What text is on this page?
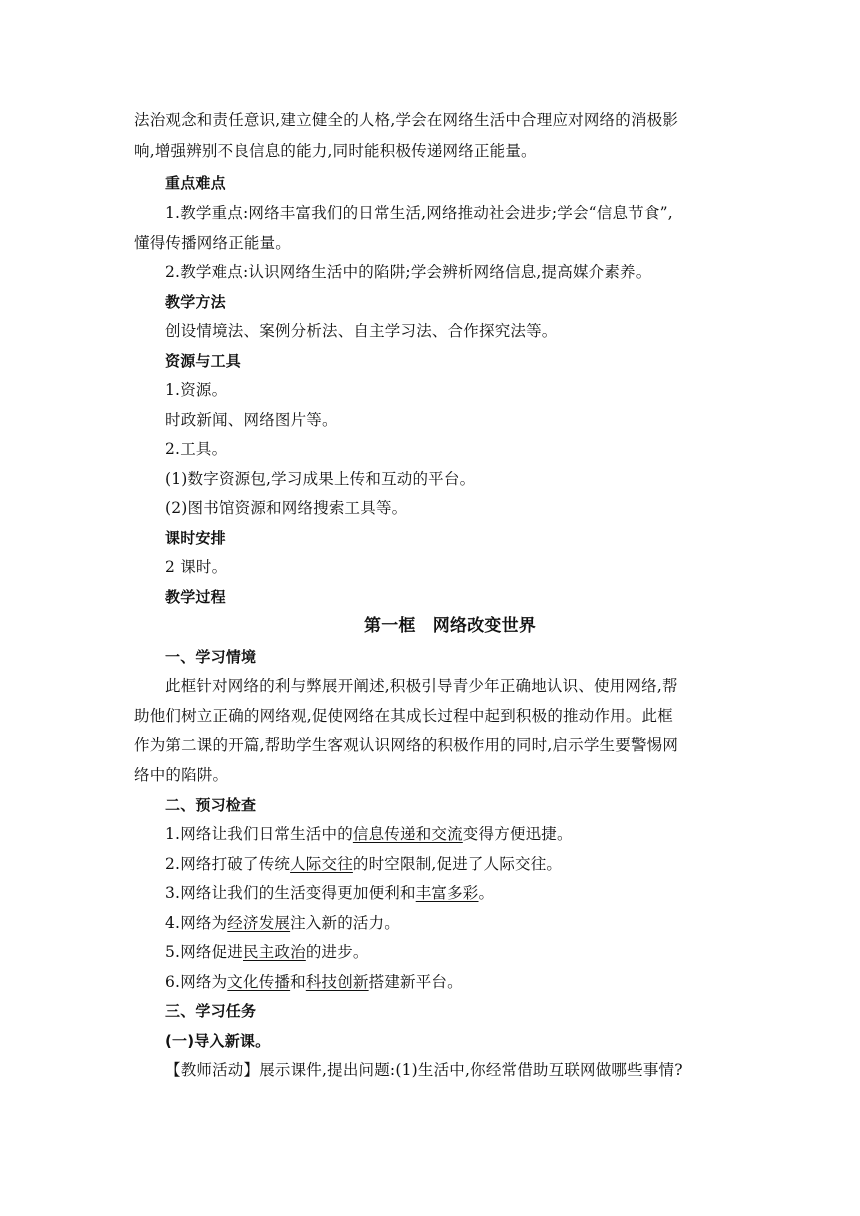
法治观念和责任意识,建立健全的人格,学会在网络生活中合理应对网络的消极影
响,增强辨别不良信息的能力,同时能积极传递网络正能量。
重点难点
1.教学重点:网络丰富我们的日常生活,网络推动社会进步;学会“信息节食”,
懂得传播网络正能量。
2.教学难点:认识网络生活中的陷阱;学会辨析网络信息,提高媒介素养。
教学方法
创设情境法、案例分析法、自主学习法、合作探究法等。
资源与工具
1.资源。
时政新闻、网络图片等。
2.工具。
(1)数字资源包,学习成果上传和互动的平台。
(2)图书馆资源和网络搜索工具等。
课时安排
2 课时。
教学过程
第一框　网络改变世界
一、学习情境
此框针对网络的利与弊展开阐述,积极引导青少年正确地认识、使用网络,帮
助他们树立正确的网络观,促使网络在其成长过程中起到积极的推动作用。此框
作为第二课的开篇,帮助学生客观认识网络的积极作用的同时,启示学生要警惕网
络中的陷阱。
二、预习检查
1.网络让我们日常生活中的信息传递和交流变得方便迅捷。
2.网络打破了传统人际交往的时空限制,促进了人际交往。
3.网络让我们的生活变得更加便利和丰富多彩。
4.网络为经济发展注入新的活力。
5.网络促进民主政治的进步。
6.网络为文化传播和科技创新搭建新平台。
三、学习任务
(一)导入新课。
【教师活动】展示课件,提出问题:(1)生活中,你经常借助互联网做哪些事情?
